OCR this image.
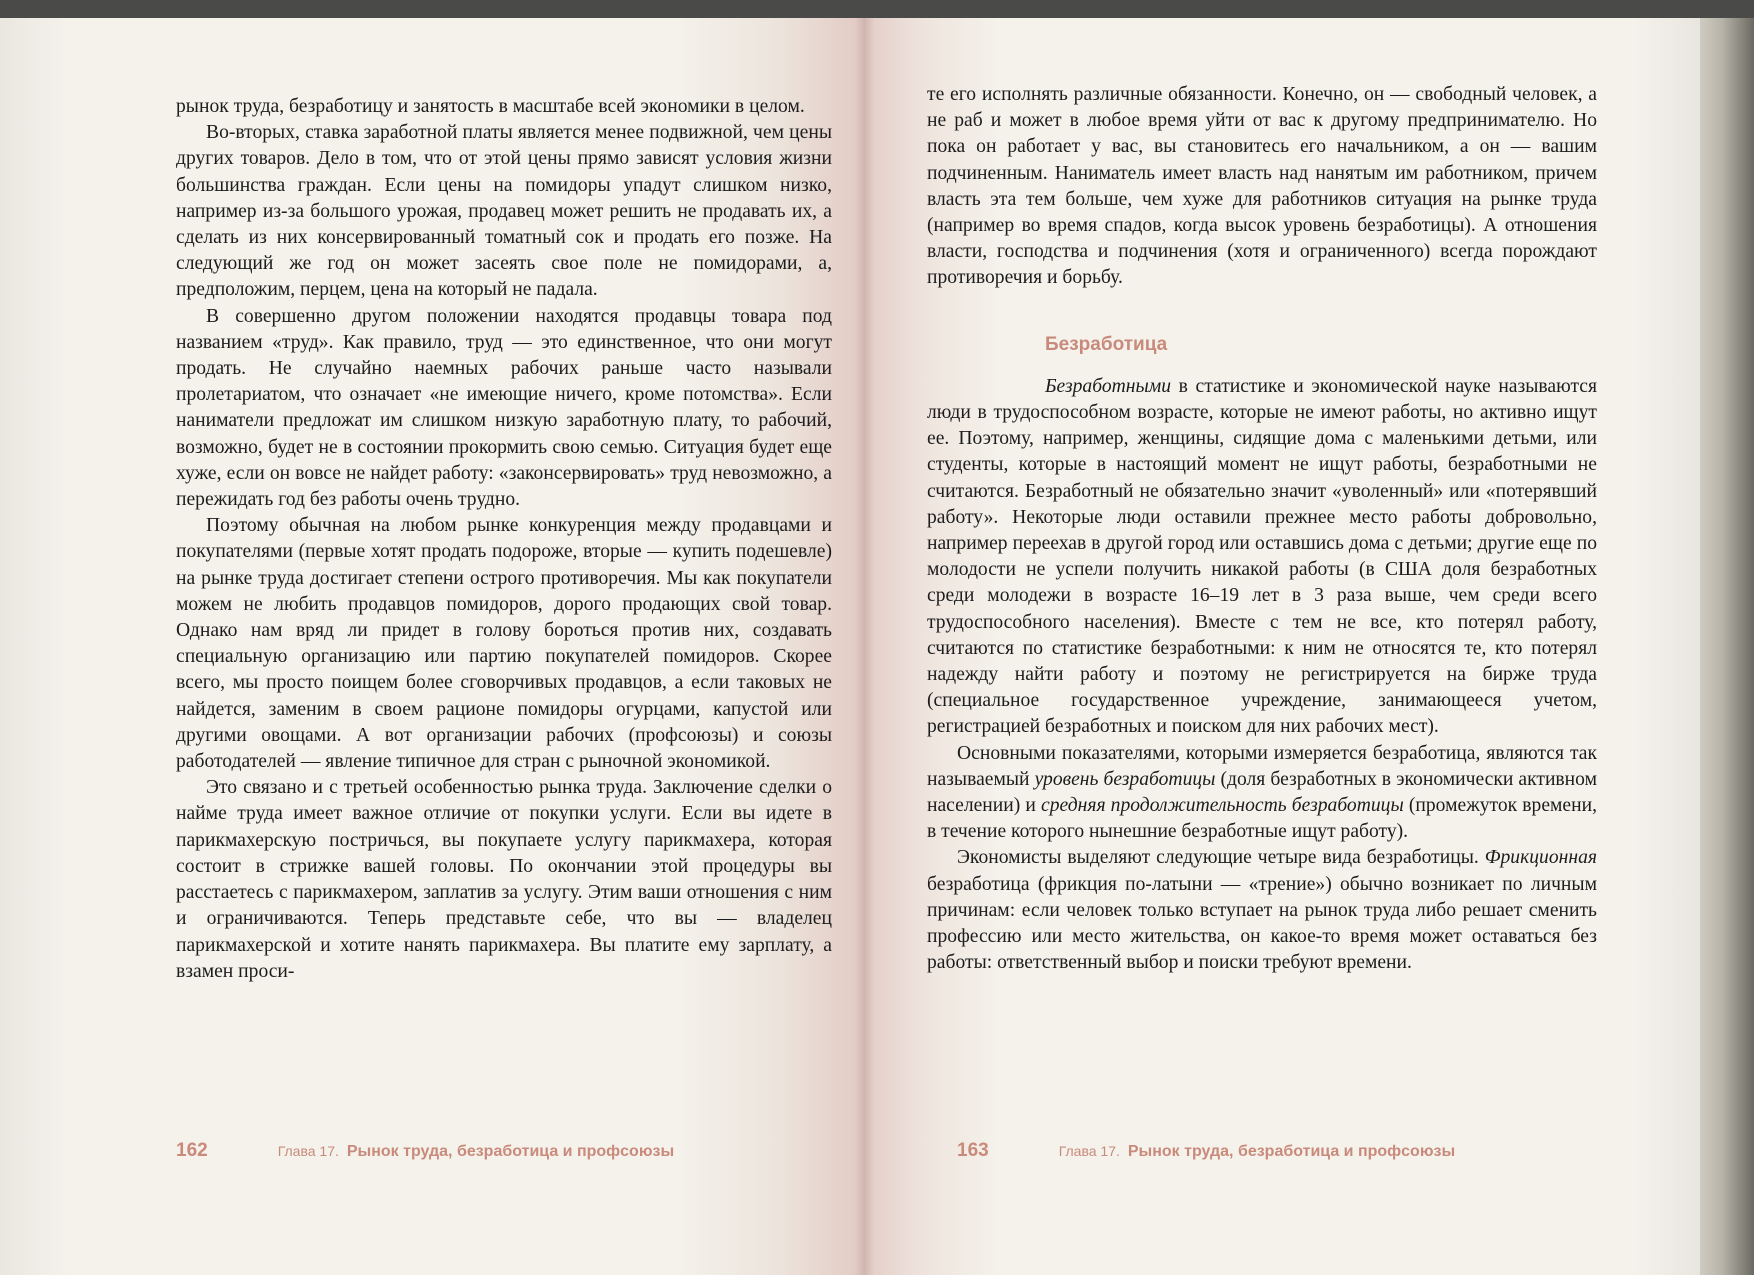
рынок труда, безработицу и занятость в масштабе всей экономики в целом.

Во-вторых, ставка заработной платы является менее подвижной, чем цены других товаров. Дело в том, что от этой цены прямо зависят условия жизни большинства граждан. Если цены на помидоры упадут слишком низко, например из-за большого урожая, продавец может решить не продавать их, а сделать из них консервированный томатный сок и продать его позже. На следующий же год он может засеять свое поле не помидорами, а, предположим, перцем, цена на который не падала.

В совершенно другом положении находятся продавцы товара под названием «труд». Как правило, труд — это единственное, что они могут продать. Не случайно наемных рабочих раньше часто называли пролетариатом, что означает «не имеющие ничего, кроме потомства». Если наниматели предложат им слишком низкую заработную плату, то рабочий, возможно, будет не в состоянии прокормить свою семью. Ситуация будет еще хуже, если он вовсе не найдет работу: «законсервировать» труд невозможно, а пережидать год без работы очень трудно.

Поэтому обычная на любом рынке конкуренция между продавцами и покупателями (первые хотят продать подороже, вторые — купить подешевле) на рынке труда достигает степени острого противоречия. Мы как покупатели можем не любить продавцов помидоров, дорого продающих свой товар. Однако нам вряд ли придет в голову бороться против них, создавать специальную организацию или партию покупателей помидоров. Скорее всего, мы просто поищем более сговорчивых продавцов, а если таковых не найдется, заменим в своем рационе помидоры огурцами, капустой или другими овощами. А вот организации рабочих (профсоюзы) и союзы работодателей — явление типичное для стран с рыночной экономикой.

Это связано и с третьей особенностью рынка труда. Заключение сделки о найме труда имеет важное отличие от покупки услуги. Если вы идете в парикмахерскую постричься, вы покупаете услугу парикмахера, которая состоит в стрижке вашей головы. По окончании этой процедуры вы расстаетесь с парикмахером, заплатив за услугу. Этим ваши отношения с ним и ограничиваются. Теперь представьте себе, что вы — владелец парикмахерской и хотите нанять парикмахера. Вы платите ему зарплату, а взамен проси-

162	Глава 17. Рынок труда, безработица и профсоюзы

те его исполнять различные обязанности. Конечно, он — свободный человек, а не раб и может в любое время уйти от вас к другому предпринимателю. Но пока он работает у вас, вы становитесь его начальником, а он — вашим подчиненным. Наниматель имеет власть над нанятым им работником, причем власть эта тем больше, чем хуже для работников ситуация на рынке труда (например во время спадов, когда высок уровень безработицы). А отношения власти, господства и подчинения (хотя и ограниченного) всегда порождают противоречия и борьбу.

Безработица

Безработными в статистике и экономической науке называются люди в трудоспособном возрасте, которые не имеют работы, но активно ищут ее. Поэтому, например, женщины, сидящие дома с маленькими детьми, или студенты, которые в настоящий момент не ищут работы, безработными не считаются. Безработный не обязательно значит «уволенный» или «потерявший работу». Некоторые люди оставили прежнее место работы добровольно, например переехав в другой город или оставшись дома с детьми; другие еще по молодости не успели получить никакой работы (в США доля безработных среди молодежи в возрасте 16–19 лет в 3 раза выше, чем среди всего трудоспособного населения). Вместе с тем не все, кто потерял работу, считаются по статистике безработными: к ним не относятся те, кто потерял надежду найти работу и поэтому не регистрируется на бирже труда (специальное государственное учреждение, занимающееся учетом, регистрацией безработных и поиском для них рабочих мест).

Основными показателями, которыми измеряется безработица, являются так называемый уровень безработицы (доля безработных в экономически активном населении) и средняя продолжительность безработицы (промежуток времени, в течение которого нынешние безработные ищут работу).

Экономисты выделяют следующие четыре вида безработицы. Фрикционная безработица (фрикция по-латыни — «трение») обычно возникает по личным причинам: если человек только вступает на рынок труда либо решает сменить профессию или место жительства, он какое-то время может оставаться без работы: ответственный выбор и поиски требуют времени.

163	Глава 17. Рынок труда, безработица и профсоюзы
